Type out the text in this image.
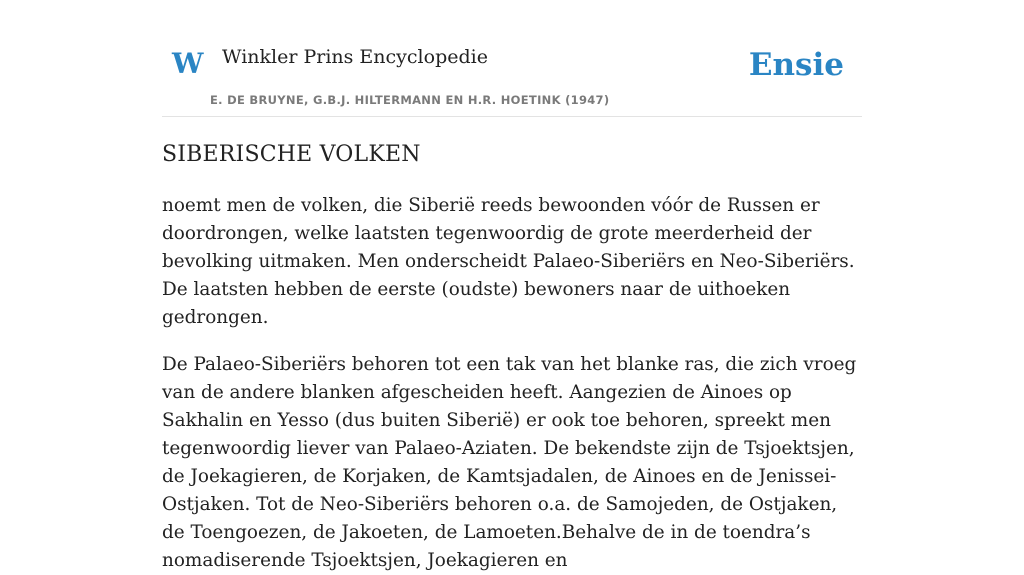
W Winkler Prins Encyclopedie
E. DE BRUYNE, G.B.J. HILTERMANN EN H.R. HOETINK (1947)
Ensie
SIBERISCHE VOLKEN

noemt men de volken, die Siberië reeds bewoonden vóór de Russen er doordrongen, welke laatsten tegenwoordig de grote meerderheid der bevolking uitmaken. Men onderscheidt Palaeo-Siberiërs en Neo-Siberiërs. De laatsten hebben de eerste (oudste) bewoners naar de uithoeken gedrongen.

De Palaeo-Siberiërs behoren tot een tak van het blanke ras, die zich vroeg van de andere blanken afgescheiden heeft. Aangezien de Ainoes op Sakhalin en Yesso (dus buiten Siberië) er ook toe behoren, spreekt men tegenwoordig liever van Palaeo-Aziaten. De bekendste zijn de Tsjoektsjen, de Joekagieren, de Korjaken, de Kamtsjadalen, de Ainoes en de Jenissei-Ostjaken. Tot de Neo-Siberiërs behoren o.a. de Samojeden, de Ostjaken, de Toengoezen, de Jakoeten, de Lamoeten.Behalve de in de toendra’s nomadiserende Tsjoektsjen, Joekagieren en
